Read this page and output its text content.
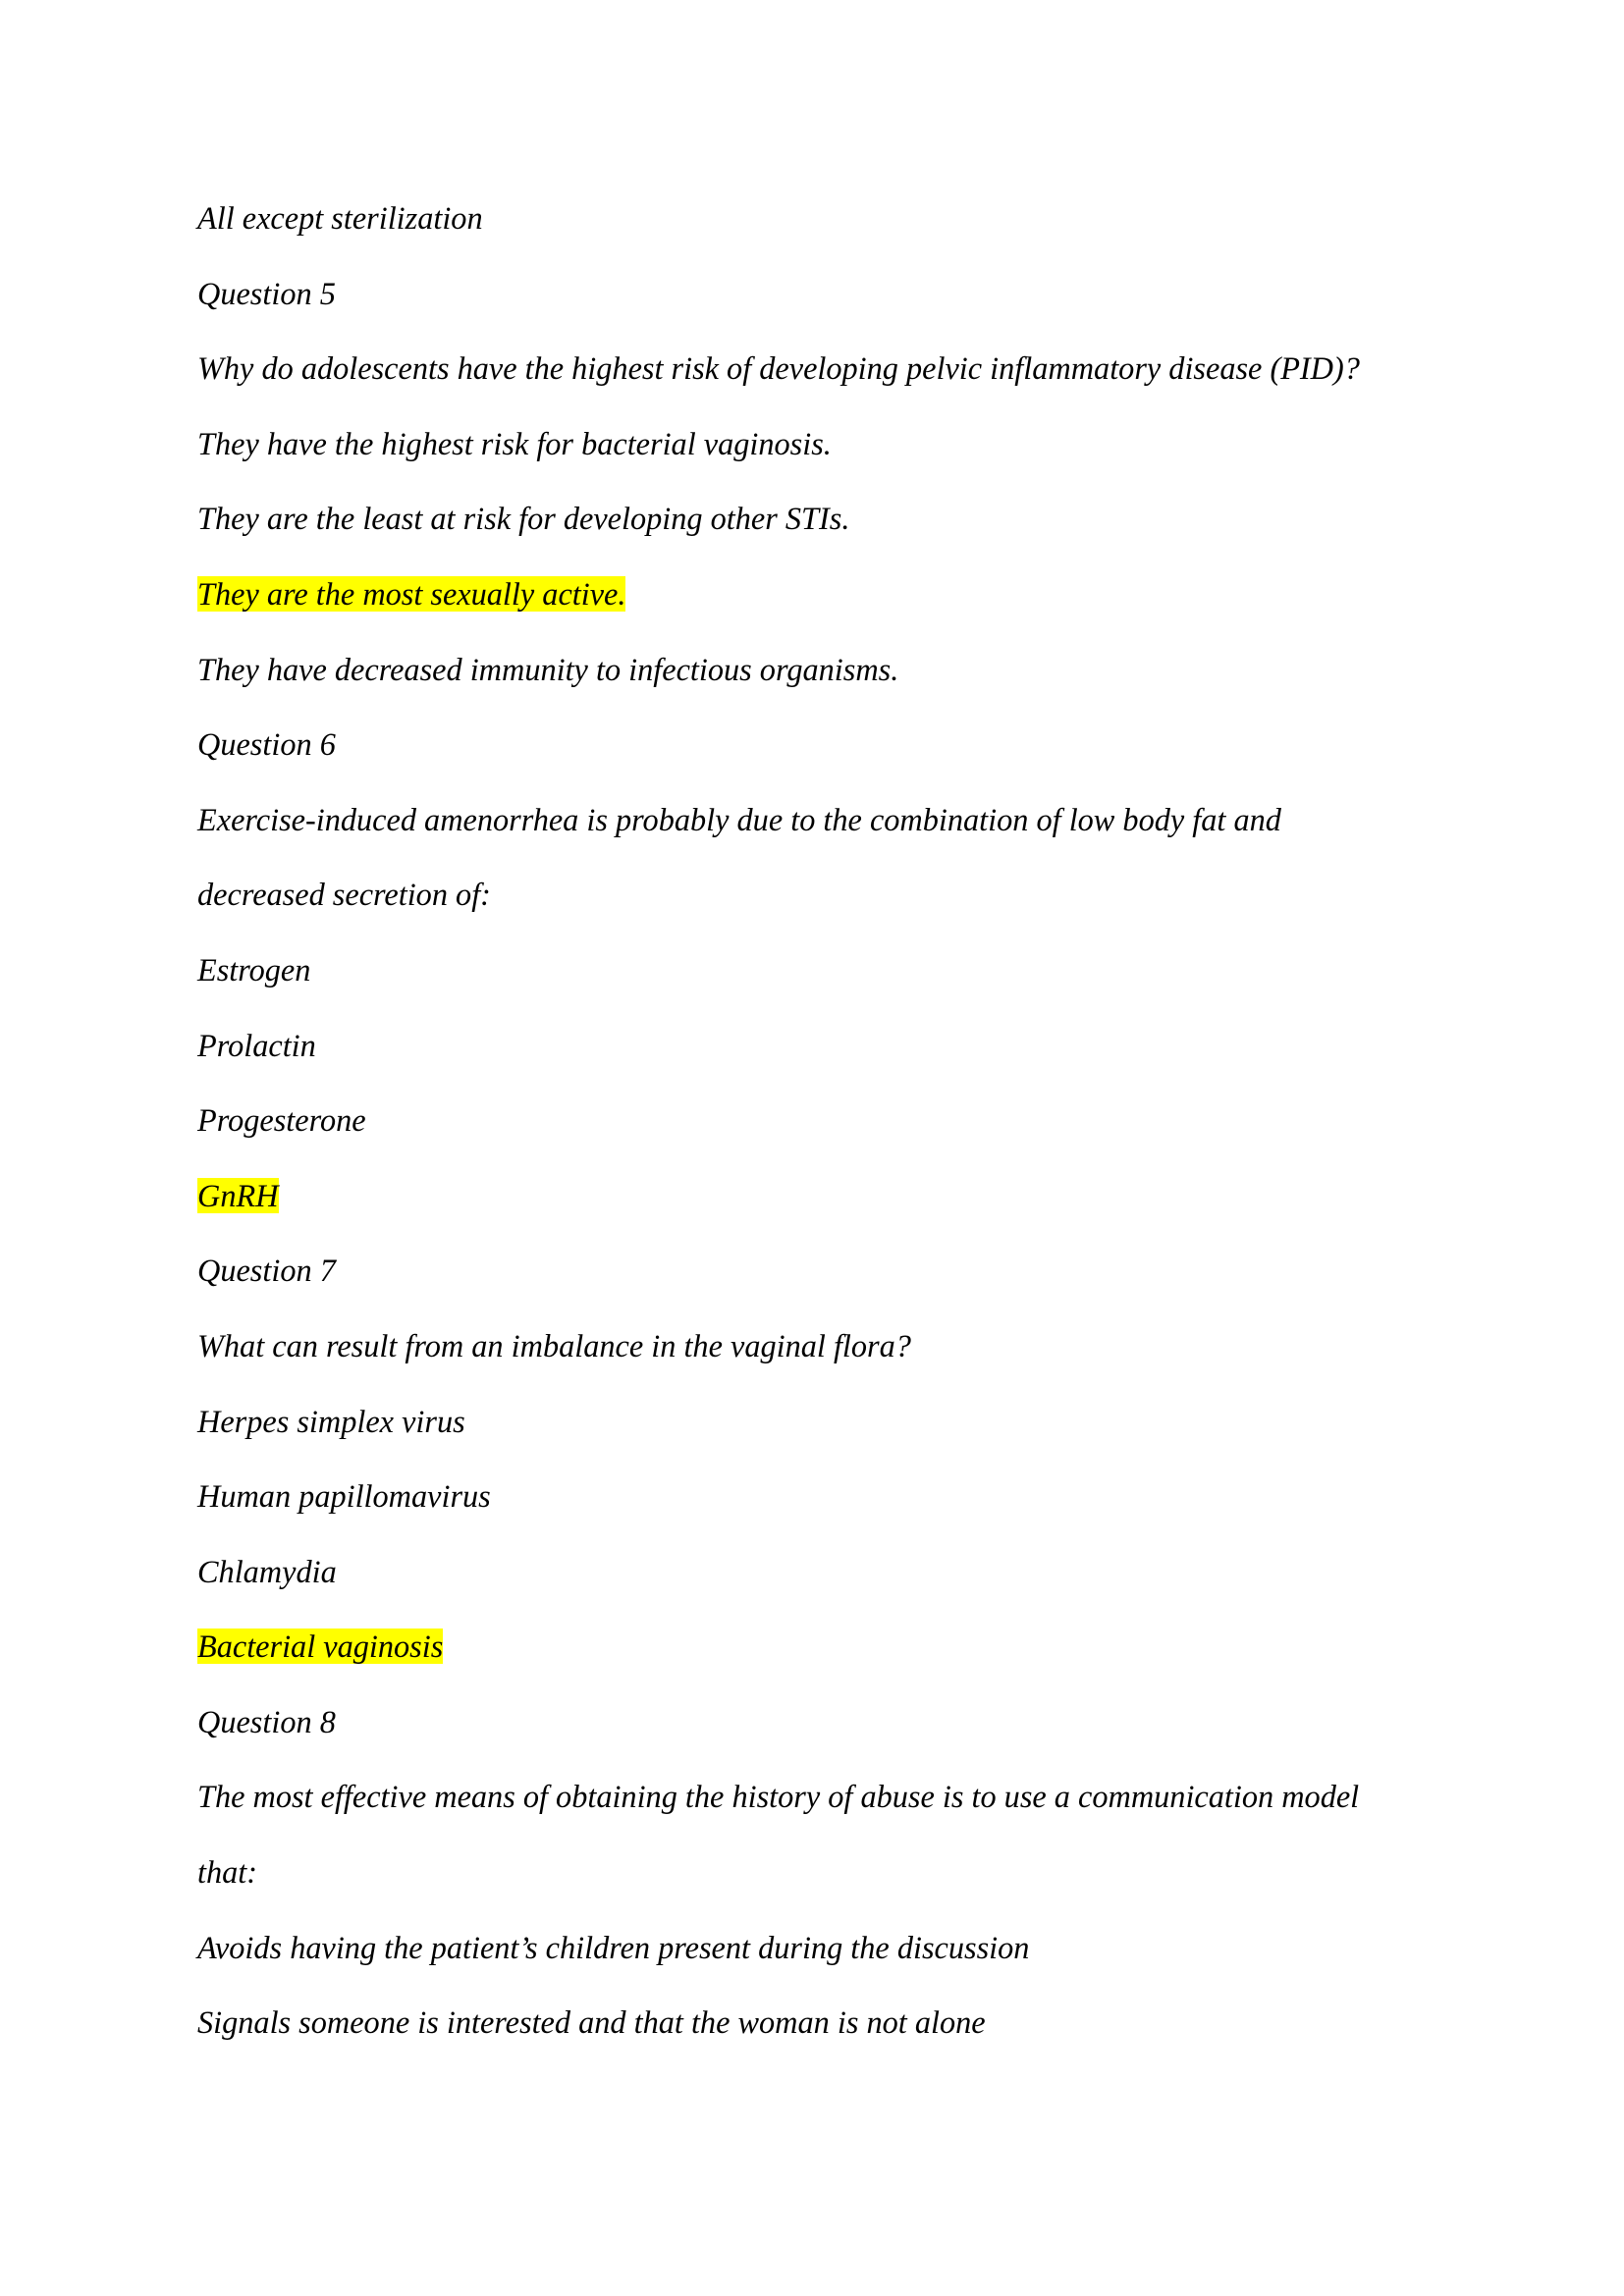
All except sterilization
Question 5
Why do adolescents have the highest risk of developing pelvic inflammatory disease (PID)?
They have the highest risk for bacterial vaginosis.
They are the least at risk for developing other STIs.
They are the most sexually active.
They have decreased immunity to infectious organisms.
Question 6
Exercise-induced amenorrhea is probably due to the combination of low body fat and
decreased secretion of:
Estrogen
Prolactin
Progesterone
GnRH
Question 7
What can result from an imbalance in the vaginal flora?
Herpes simplex virus
Human papillomavirus
Chlamydia
Bacterial vaginosis
Question 8
The most effective means of obtaining the history of abuse is to use a communication model
that:
Avoids having the patient’s children present during the discussion
Signals someone is interested and that the woman is not alone
